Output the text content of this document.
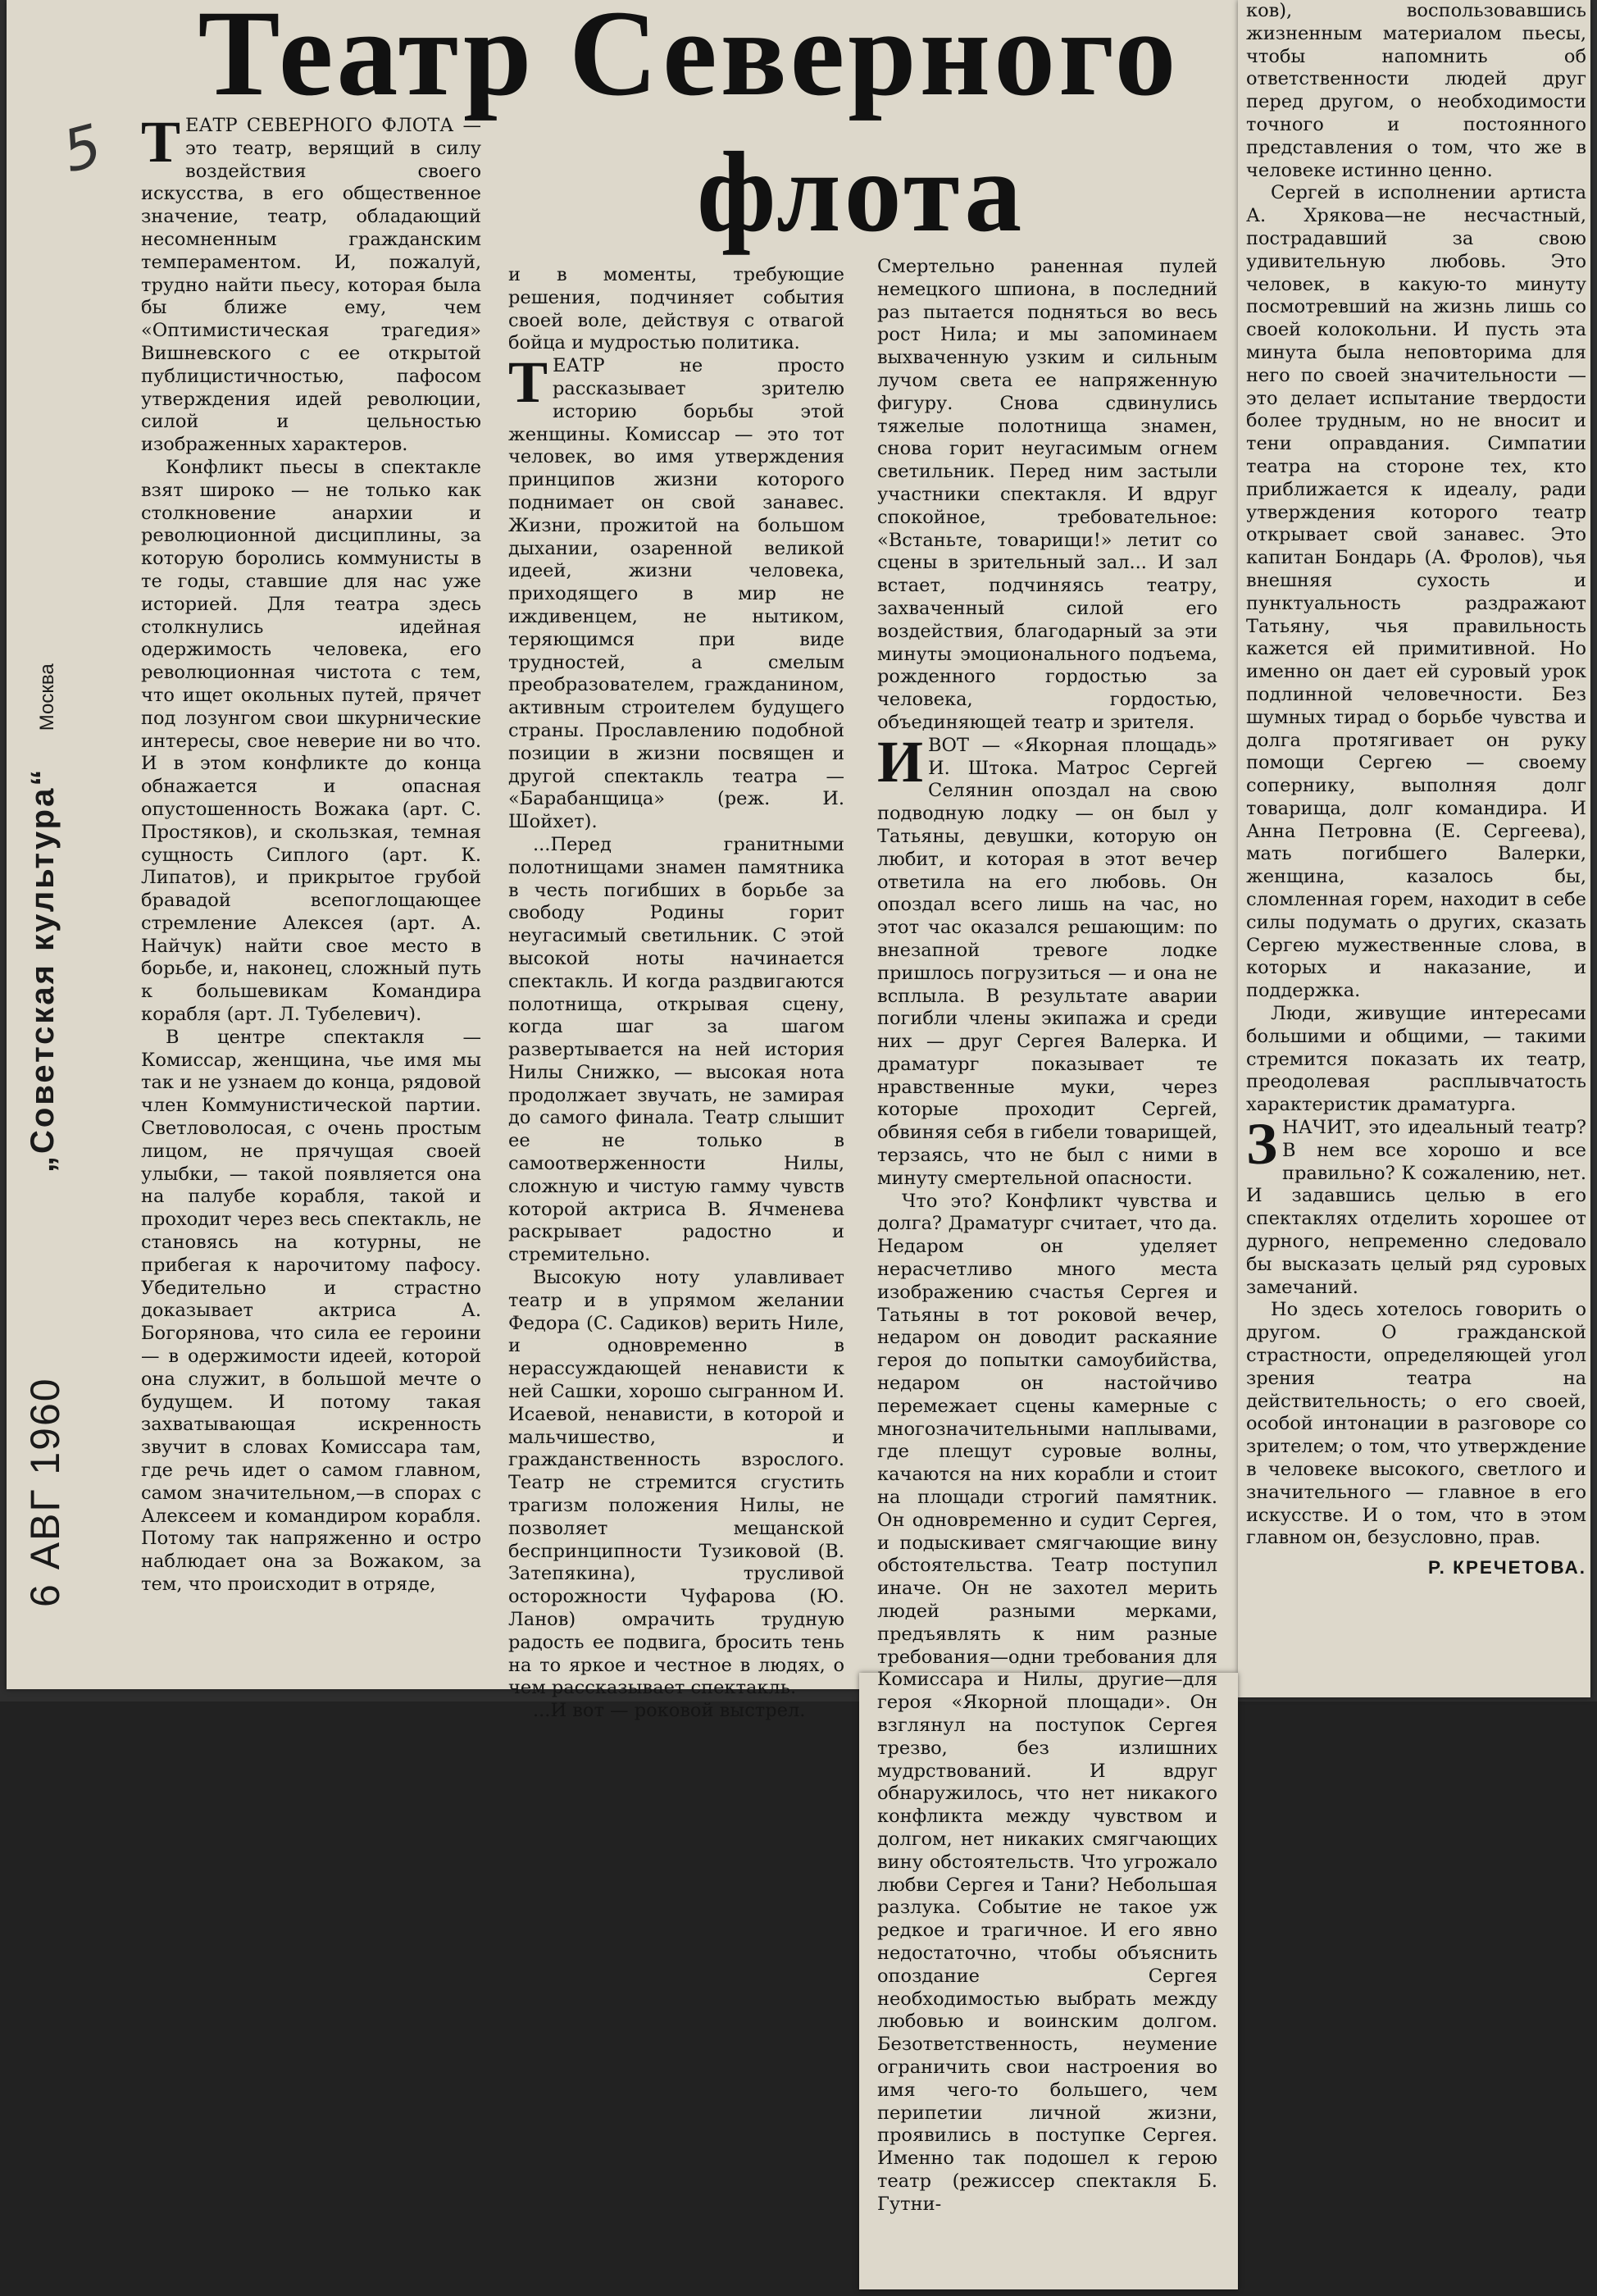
5
„Советская культура“ Москва
6 АВГ 1960
Театр Северного
флота

ТЕАТР СЕВЕРНОГО ФЛОТА — это театр, верящий в силу воздействия своего искусства, в его общественное значение, театр, обладающий несомненным гражданским темпераментом. И, пожалуй, трудно найти пьесу, которая была бы ближе ему, чем «Оптимистическая трагедия» Вишневского с ее открытой публицистичностью, пафосом утверждения идей революции, силой и цельностью изображенных характеров.

Конфликт пьесы в спектакле взят широко — не только как столкновение анархии и революционной дисциплины, за которую боролись коммунисты в те годы, ставшие для нас уже историей. Для театра здесь столкнулись идейная одержимость человека, его революционная чистота с тем, что ищет окольных путей, прячет под лозунгом свои шкурнические интересы, свое неверие ни во что. И в этом конфликте до конца обнажается и опасная опустошенность Вожака (арт. С. Простяков), и скользкая, темная сущность Сиплого (арт. К. Липатов), и прикрытое грубой бравадой всепоглощающее стремление Алексея (арт. А. Найчук) найти свое место в борьбе, и, наконец, сложный путь к большевикам Командира корабля (арт. Л. Тубелевич).

В центре спектакля — Комиссар, женщина, чье имя мы так и не узнаем до конца, рядовой член Коммунистической партии. Светловолосая, с очень простым лицом, не прячущая своей улыбки, — такой появляется она на палубе корабля, такой и проходит через весь спектакль, не становясь на котурны, не прибегая к нарочитому пафосу. Убедительно и страстно доказывает актриса А. Богорянова, что сила ее героини — в одержимости идеей, которой она служит, в большой мечте о будущем. И потому такая захватывающая искренность звучит в словах Комиссара там, где речь идет о самом главном, самом значительном,—в спорах с Алексеем и командиром корабля. Потому так напряженно и остро наблюдает она за Вожаком, за тем, что происходит в отряде,

и в моменты, требующие решения, подчиняет события своей воле, действуя с отвагой бойца и мудростью политика.

ТЕАТР не просто рассказывает зрителю историю борьбы этой женщины. Комиссар — это тот человек, во имя утверждения принципов жизни которого поднимает он свой занавес. Жизни, прожитой на большом дыхании, озаренной великой идеей, жизни человека, приходящего в мир не иждивенцем, не нытиком, теряющимся при виде трудностей, а смелым преобразователем, гражданином, активным строителем будущего страны. Прославлению подобной позиции в жизни посвящен и другой спектакль театра — «Барабанщица» (реж. И. Шойхет).

...Перед гранитными полотнищами знамен памятника в честь погибших в борьбе за свободу Родины горит неугасимый светильник. С этой высокой ноты начинается спектакль. И когда раздвигаются полотнища, открывая сцену, когда шаг за шагом развертывается на ней история Нилы Снижко, — высокая нота продолжает звучать, не замирая до самого финала. Театр слышит ее не только в самоотверженности Нилы, сложную и чистую гамму чувств которой актриса В. Ячменева раскрывает радостно и стремительно.

Высокую ноту улавливает театр и в упрямом желании Федора (С. Садиков) верить Ниле, и одновременно в нерассуждающей ненависти к ней Сашки, хорошо сыгранном И. Исаевой, ненависти, в которой и мальчишество, и гражданственность взрослого. Театр не стремится сгустить трагизм положения Нилы, не позволяет мещанской беспринципности Тузиковой (В. Затепякина), трусливой осторожности Чуфарова (Ю. Ланов) омрачить трудную радость ее подвига, бросить тень на то яркое и честное в людях, о чем рассказывает спектакль.

...И вот — роковой выстрел.

Смертельно раненная пулей немецкого шпиона, в последний раз пытается подняться во весь рост Нила; и мы запоминаем выхваченную узким и сильным лучом света ее напряженную фигуру. Снова сдвинулись тяжелые полотнища знамен, снова горит неугасимым огнем светильник. Перед ним застыли участники спектакля. И вдруг спокойное, требовательное: «Встаньте, товарищи!» летит со сцены в зрительный зал... И зал встает, подчиняясь театру, захваченный силой его воздействия, благодарный за эти минуты эмоционального подъема, рожденного гордостью за человека, гордостью, объединяющей театр и зрителя.

ИВОТ — «Якорная площадь» И. Штока. Матрос Сергей Селянин опоздал на свою подводную лодку — он был у Татьяны, девушки, которую он любит, и которая в этот вечер ответила на его любовь. Он опоздал всего лишь на час, но этот час оказался решающим: по внезапной тревоге лодке пришлось погрузиться — и она не всплыла. В результате аварии погибли члены экипажа и среди них — друг Сергея Валерка. И драматург показывает те нравственные муки, через которые проходит Сергей, обвиняя себя в гибели товарищей, терзаясь, что не был с ними в минуту смертельной опасности.

Что это? Конфликт чувства и долга? Драматург считает, что да. Недаром он уделяет нерасчетливо много места изображению счастья Сергея и Татьяны в тот роковой вечер, недаром он доводит раскаяние героя до попытки самоубийства, недаром он настойчиво перемежает сцены камерные с многозначительными наплывами, где плещут суровые волны, качаются на них корабли и стоит на площади строгий памятник. Он одновременно и судит Сергея, и подыскивает смягчающие вину обстоятельства. Театр поступил иначе. Он не захотел мерить людей разными мерками, предъявлять к ним разные требования—одни требования для Комиссара и Нилы, другие—для героя «Якорной площади». Он взглянул на поступок Сергея трезво, без излишних мудрствований. И вдруг обнаружилось, что нет никакого конфликта между чувством и долгом, нет никаких смягчающих вину обстоятельств. Что угрожало любви Сергея и Тани? Небольшая разлука. Событие не такое уж редкое и трагичное. И его явно недостаточно, чтобы объяснить опоздание Сергея необходимостью выбрать между любовью и воинским долгом. Безответственность, неумение ограничить свои настроения во имя чего-то большего, чем перипетии личной жизни, проявились в поступке Сергея. Именно так подошел к герою театр (режиссер спектакля Б. Гутни-

ков), воспользовавшись жизненным материалом пьесы, чтобы напомнить об ответственности людей друг перед другом, о необходимости точного и постоянного представления о том, что же в человеке истинно ценно.

Сергей в исполнении артиста А. Хрякова—не несчастный, пострадавший за свою удивительную любовь. Это человек, в какую-то минуту посмотревший на жизнь лишь со своей колокольни. И пусть эта минута была неповторима для него по своей значительности — это делает испытание твердости более трудным, но не вносит и тени оправдания. Симпатии театра на стороне тех, кто приближается к идеалу, ради утверждения которого театр открывает свой занавес. Это капитан Бондарь (А. Фролов), чья внешняя сухость и пунктуальность раздражают Татьяну, чья правильность кажется ей примитивной. Но именно он дает ей суровый урок подлинной человечности. Без шумных тирад о борьбе чувства и долга протягивает он руку помощи Сергею — своему сопернику, выполняя долг товарища, долг командира. И Анна Петровна (Е. Сергеева), мать погибшего Валерки, женщина, казалось бы, сломленная горем, находит в себе силы подумать о других, сказать Сергею мужественные слова, в которых и наказание, и поддержка.

Люди, живущие интересами большими и общими, — такими стремится показать их театр, преодолевая расплывчатость характеристик драматурга.

ЗНАЧИТ, это идеальный театр? В нем все хорошо и все правильно? К сожалению, нет. И задавшись целью в его спектаклях отделить хорошее от дурного, непременно следовало бы высказать целый ряд суровых замечаний.

Но здесь хотелось говорить о другом. О гражданской страстности, определяющей угол зрения театра на действительность; о его своей, особой интонации в разговоре со зрителем; о том, что утверждение в человеке высокого, светлого и значительного — главное в его искусстве. И о том, что в этом главном он, безусловно, прав.

Р. КРЕЧЕТОВА.
